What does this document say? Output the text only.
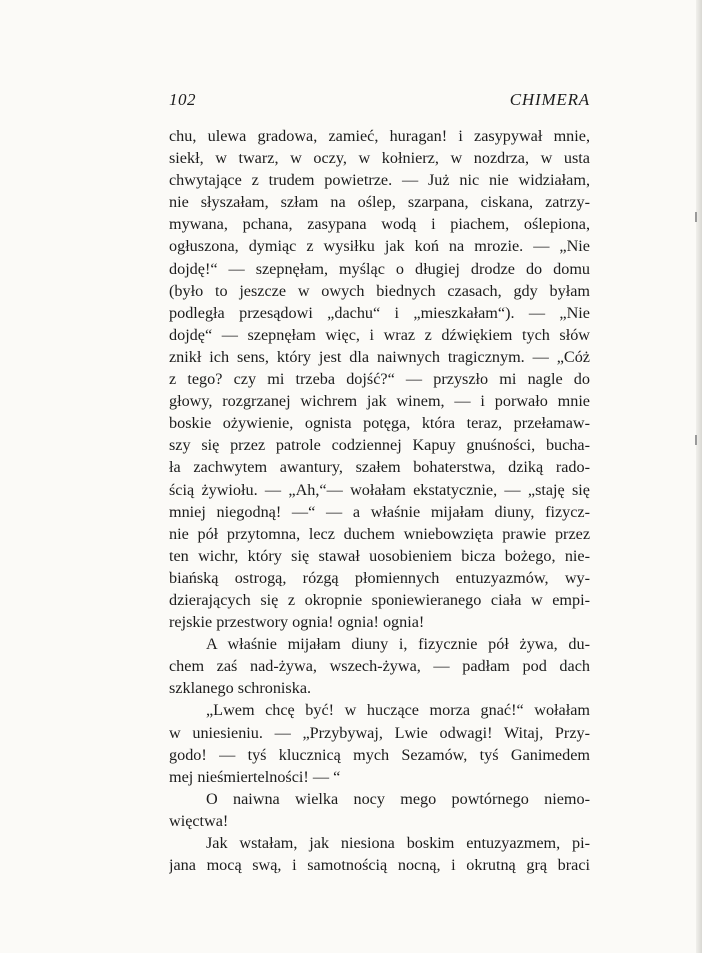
102	CHIMERA
chu, ulewa gradowa, zamieć, huragan! i zasypywał mnie,
siekł, w twarz, w oczy, w kołnierz, w nozdrza, w usta
chwytające z trudem powietrze. — Już nic nie widziałam,
nie słyszałam, szłam na oślep, szarpana, ciskana, zatrzy-
mywana, pchana, zasypana wodą i piachem, oślepiona,
ogłuszona, dymiąc z wysiłku jak koń na mrozie. — „Nie
dojdę!“ — szepnęłam, myśląc o długiej drodze do domu
(było to jeszcze w owych biednych czasach, gdy byłam
podległa przesądowi „dachu“ i „mieszkałam“). — „Nie
dojdę“ — szepnęłam więc, i wraz z dźwiękiem tych słów
znikł ich sens, który jest dla naiwnych tragicznym. — „Cóż
z tego? czy mi trzeba dojść?“ — przyszło mi nagle do
głowy, rozgrzanej wichrem jak winem, — i porwało mnie
boskie ożywienie, ognista potęga, która teraz, przełamaw-
szy się przez patrole codziennej Kapuy gnuśności, bucha-
ła zachwytem awantury, szałem bohaterstwa, dziką rado-
ścią żywiołu. — „Ah,“— wołałam ekstatycznie, — „staję się
mniej niegodną! —“ — a właśnie mijałam diuny, fizycz-
nie pół przytomna, lecz duchem wniebowzięta prawie przez
ten wichr, który się stawał uosobieniem bicza bożego, nie-
biańską ostrogą, rózgą płomiennych entuzyazmów, wy-
dzierających się z okropnie sponiewieranego ciała w empi-
rejskie przestwory ognia! ognia! ognia!
A właśnie mijałam diuny i, fizycznie pół żywa, du-
chem zaś nad-żywa, wszech-żywa, — padłam pod dach
szklanego schroniska.
„Lwem chcę być! w huczące morza gnać!“ wołałam
w uniesieniu. — „Przybywaj, Lwie odwagi! Witaj, Przy-
godo! — tyś klucznicą mych Sezamów, tyś Ganimedem
mej nieśmiertelności! — “
O naiwna wielka nocy mego powtórnego niemo-
więctwa!
Jak wstałam, jak niesiona boskim entuzyazmem, pi-
jana mocą swą, i samotnością nocną, i okrutną grą braci
